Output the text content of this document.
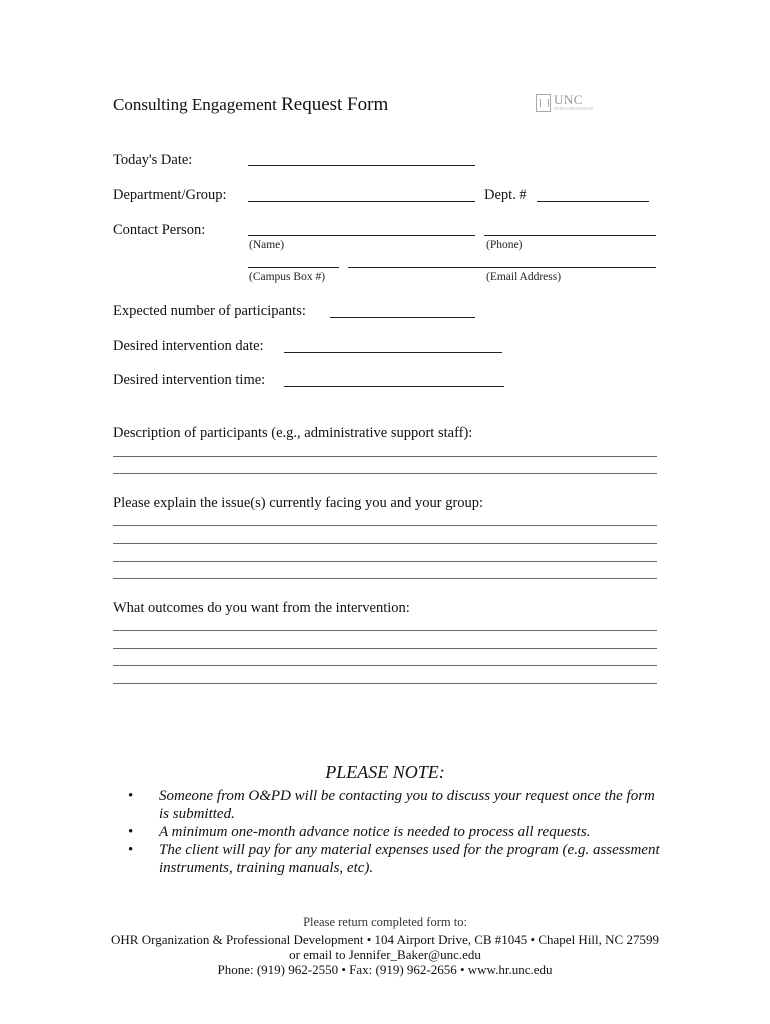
Consulting Engagement Request Form	UNC
HUMAN RESOURCES
Today's Date:
Department/Group:	Dept. #
Contact Person:
(Name)	(Phone)
(Campus Box #)	(Email Address)
Expected number of participants:
Desired intervention date:
Desired intervention time:
Description of participants (e.g., administrative support staff):
Please explain the issue(s) currently facing you and your group:
What outcomes do you want from the intervention:
PLEASE NOTE:
• Someone from O&PD will be contacting you to discuss your request once the form is submitted.
• A minimum one-month advance notice is needed to process all requests.
• The client will pay for any material expenses used for the program (e.g. assessment instruments, training manuals, etc).
Please return completed form to:
OHR Organization & Professional Development • 104 Airport Drive, CB #1045 • Chapel Hill, NC 27599
or email to Jennifer_Baker@unc.edu
Phone: (919) 962-2550 • Fax: (919) 962-2656 • www.hr.unc.edu
